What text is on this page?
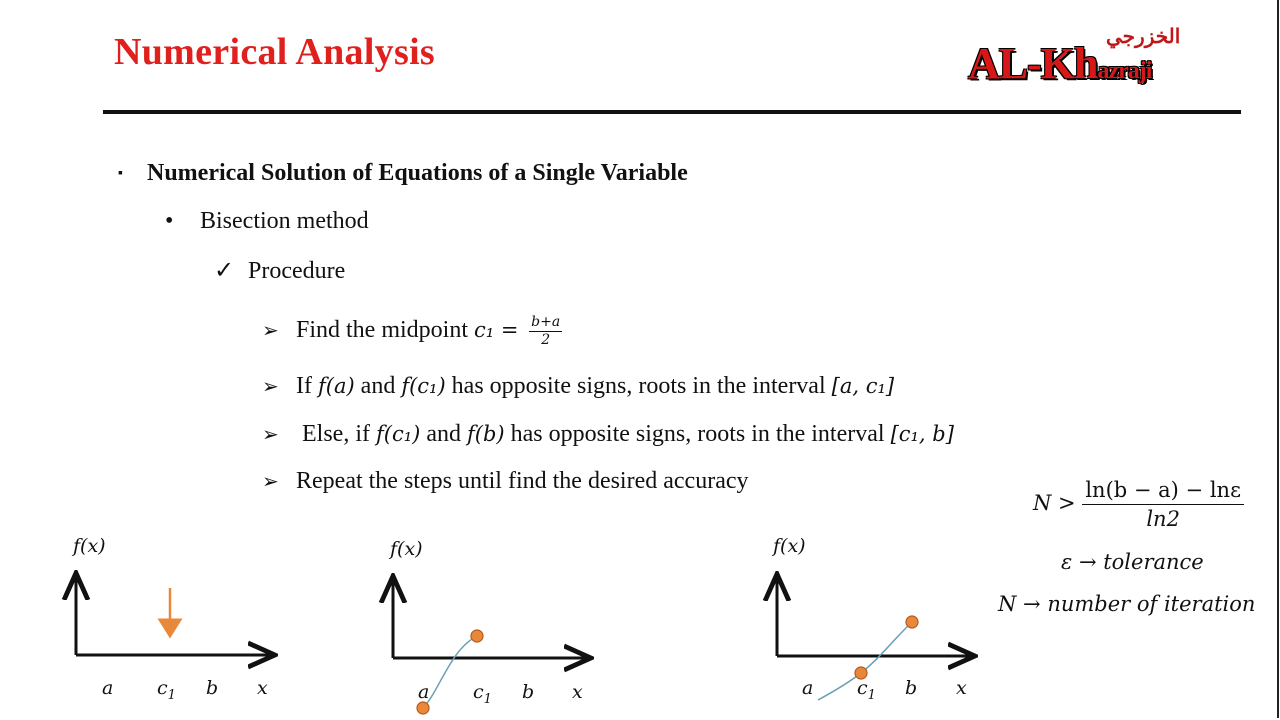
Numerical Analysis	الخزرجي
AL-Khazraji
▪ Numerical Solution of Equations of a Single Variable
• Bisection method
✓ Procedure
➢ Find the midpoint $c_1 = \frac{b+a}{2}$
➢ If f(a) and f(c₁) has opposite signs, roots in the interval [a, c₁]
➢ Else, if f(c₁) and f(b) has opposite signs, roots in the interval [c₁, b]
➢ Repeat the steps until find the desired accuracy
$N > \frac{\ln(b - a) - \ln\varepsilon}{\ln 2}$
ε → tolerance
N → number of iteration
f(x)
a $c_1$ b x
f(x)
a $c_1$ b x
f(x)
a $c_1$ b x
